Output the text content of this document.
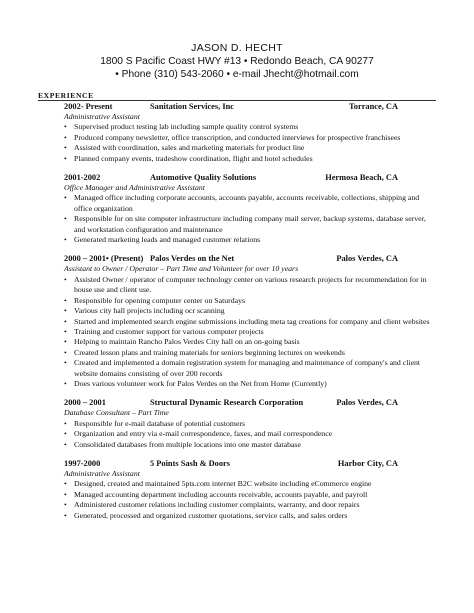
JASON D. HECHT
1800 S Pacific Coast HWY #13 • Redondo Beach, CA 90277
• Phone (310) 543-2060 • e-mail Jhecht@hotmail.com
EXPERIENCE
2002- Present	Sanitation Services, Inc	Torrance, CA
Administrative Assistant
• Supervised product testing lab including sample quality control systems
• Produced company newsletter, office transcription, and conducted interviews for prospective franchisees
• Assisted with coordination, sales and marketing materials for product line
• Planned company events, tradeshow coordination, flight and hotel schedules
2001-2002	Automotive Quality Solutions	Hermosa Beach, CA
Office Manager and Administrative Assistant
• Managed office including corporate accounts, accounts payable, accounts receivable, collections, shipping and office organization
• Responsible for on site computer infrastructure including company mail server, backup systems, database server, and workstation configuration and maintenance
• Generated marketing leads and managed customer relations
2000 – 2001• (Present) Palos Verdes on the Net	Palos Verdes, CA
Assistant to Owner / Operator – Part Time and Volunteer for over 10 years
• Assisted Owner / operator of computer technology center on various research projects for recommendation for in house use and client use.
• Responsible for opening computer center on Saturdays
• Various city hall projects including ocr scanning
• Started and implemented search engine submissions including meta tag creations for company and client websites
• Training and customer support for various computer projects
• Helping to maintain Rancho Palos Verdes City hall on an on-going basis
• Created lesson plans and training materials for seniors beginning lectures on weekends
• Created and implemented a domain registration system for managing and maintenance of company's and client website domains consisting of over 200 records
• Does various volunteer work for Palos Verdes on the Net from Home (Currently)
2000 – 2001	Structural Dynamic Research Corporation	Palos Verdes, CA
Database Consultant – Part Time
• Responsible for e-mail database of potential customers
• Organization and entry via e-mail correspondence, faxes, and mail correspondence
• Consolidated databases from multiple locations into one master database
1997-2000	5 Points Sash & Doors	Harbor City, CA
Administrative Assistant
• Designed, created and maintained 5pts.com internet B2C website including eCommerce engine
• Managed accounting department including accounts receivable, accounts payable, and payroll
• Administered customer relations including customer complaints, warranty, and door repairs
• Generated, processed and organized customer quotations, service calls, and sales orders
